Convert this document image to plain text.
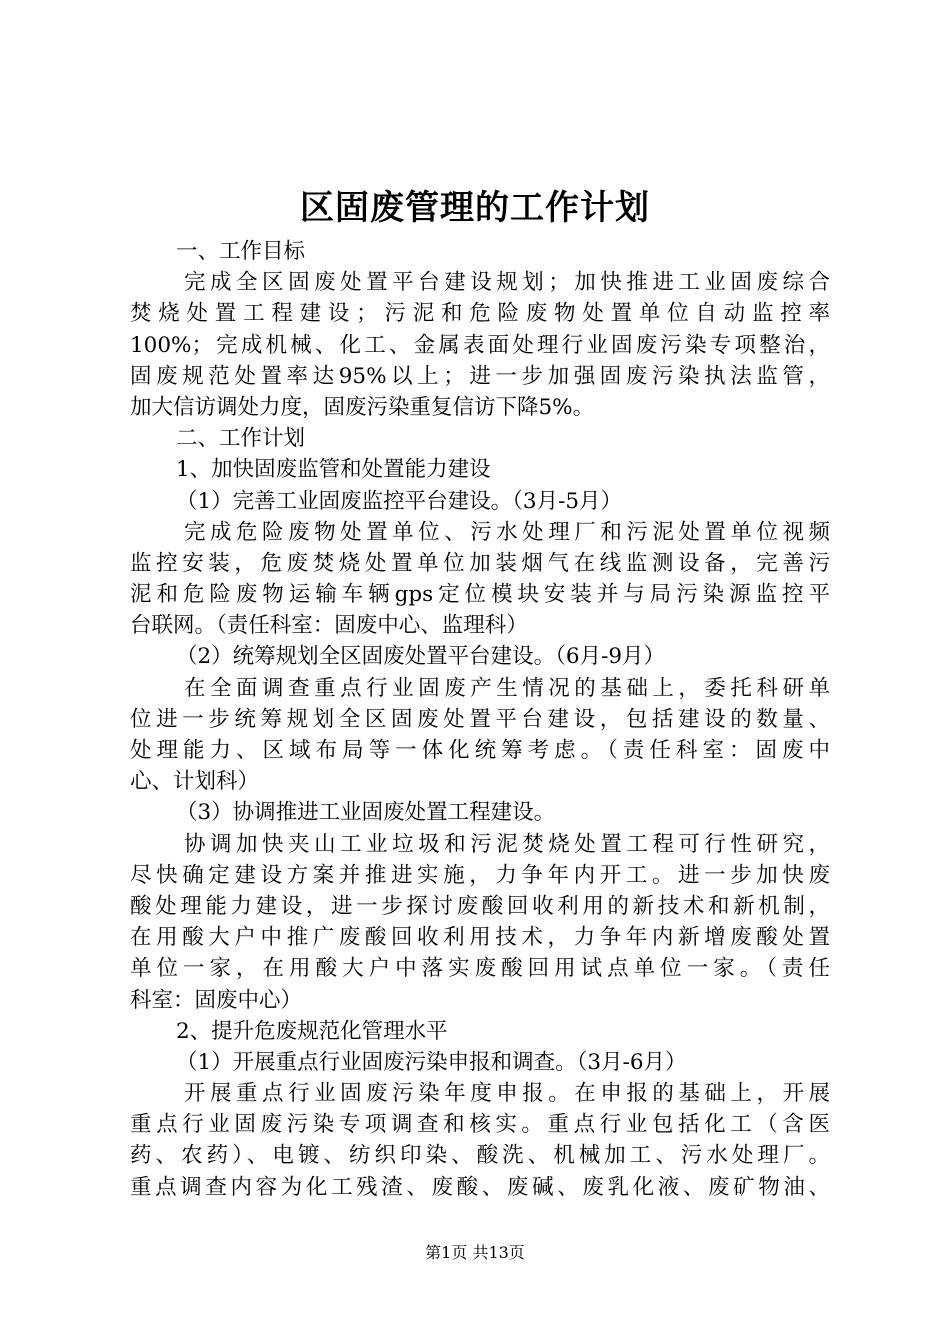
区固废管理的工作计划
一、工作目标
完成全区固废处置平台建设规划；加快推进工业固废综合
焚烧处置工程建设；污泥和危险废物处置单位自动监控率
100%；完成机械、化工、金属表面处理行业固废污染专项整治，
固废规范处置率达95%以上；进一步加强固废污染执法监管，
加大信访调处力度，固废污染重复信访下降5%。
二、工作计划
1、加快固废监管和处置能力建设
（1）完善工业固废监控平台建设。（3月-5月）
完成危险废物处置单位、污水处理厂和污泥处置单位视频
监控安装，危废焚烧处置单位加装烟气在线监测设备，完善污
泥和危险废物运输车辆gps定位模块安装并与局污染源监控平
台联网。（责任科室：固废中心、监理科）
（2）统筹规划全区固废处置平台建设。（6月-9月）
在全面调查重点行业固废产生情况的基础上，委托科研单
位进一步统筹规划全区固废处置平台建设，包括建设的数量、
处理能力、区域布局等一体化统筹考虑。（责任科室：固废中
心、计划科）
（3）协调推进工业固废处置工程建设。
协调加快夹山工业垃圾和污泥焚烧处置工程可行性研究，
尽快确定建设方案并推进实施，力争年内开工。进一步加快废
酸处理能力建设，进一步探讨废酸回收利用的新技术和新机制，
在用酸大户中推广废酸回收利用技术，力争年内新增废酸处置
单位一家，在用酸大户中落实废酸回用试点单位一家。（责任
科室：固废中心）
2、提升危废规范化管理水平
（1）开展重点行业固废污染申报和调查。（3月-6月）
开展重点行业固废污染年度申报。在申报的基础上，开展
重点行业固废污染专项调查和核实。重点行业包括化工（含医
药、农药）、电镀、纺织印染、酸洗、机械加工、污水处理厂。
重点调查内容为化工残渣、废酸、废碱、废乳化液、废矿物油、
第1页 共13页
